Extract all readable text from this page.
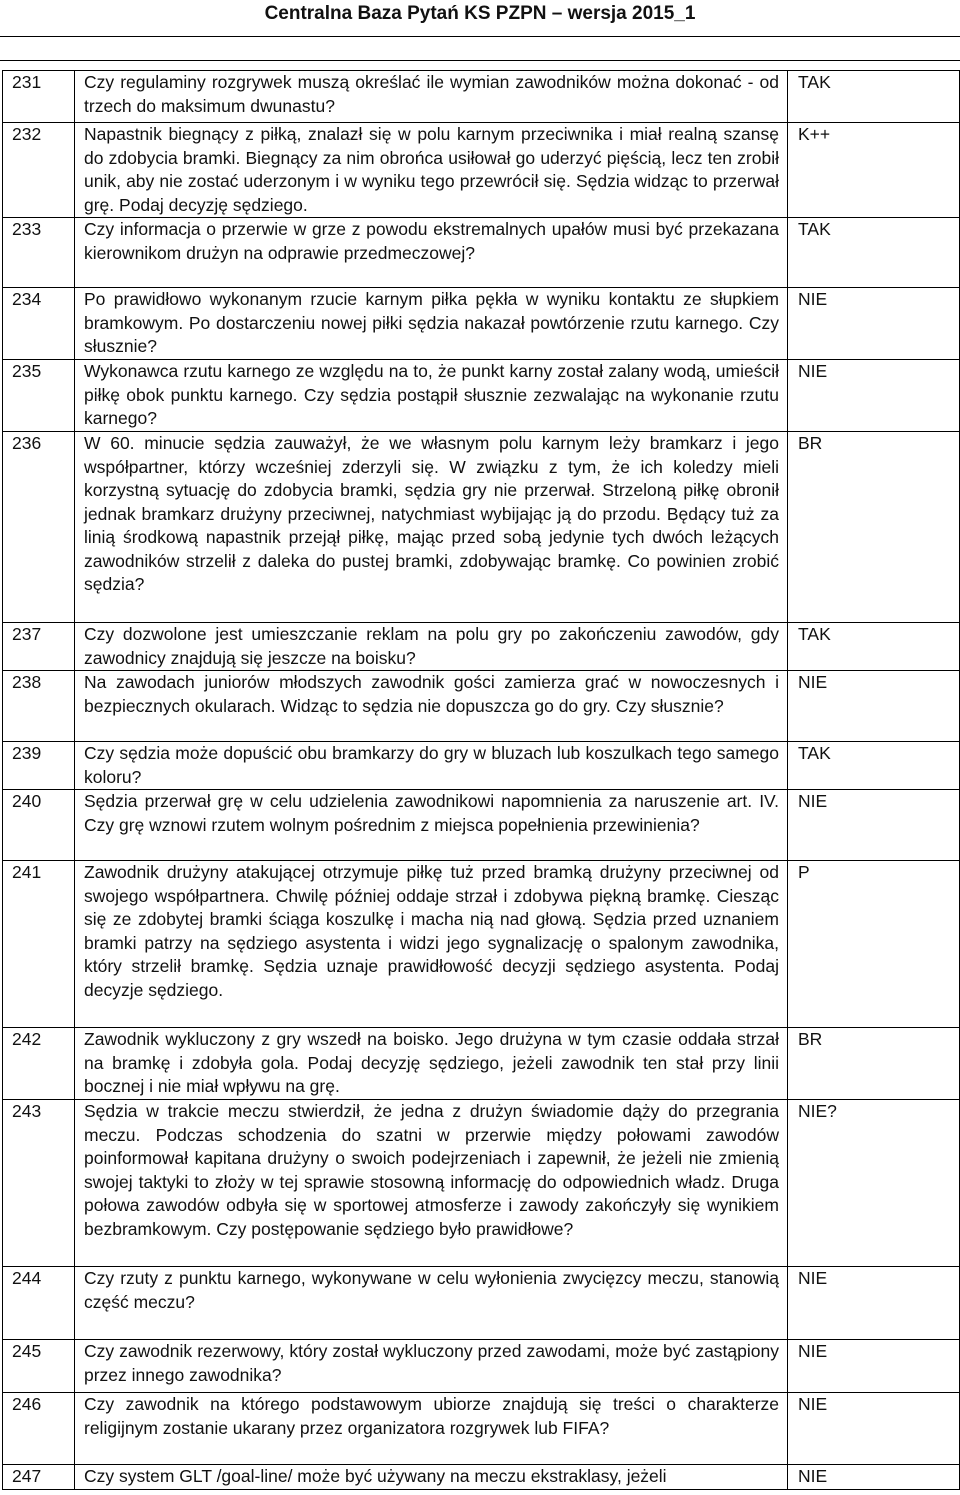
Centralna Baza Pytań KS PZPN – wersja 2015_1
231	Czy regulaminy rozgrywek muszą określać ile wymian zawodników można dokonać - od trzech do maksimum dwunastu?	TAK
232	Napastnik biegnący z piłką, znalazł się w polu karnym przeciwnika i miał realną szansę do zdobycia bramki. Biegnący za nim obrońca usiłował go uderzyć pięścią, lecz ten zrobił unik, aby nie zostać uderzonym i w wyniku tego przewrócił się. Sędzia widząc to przerwał grę. Podaj decyzję sędziego.	K++
233	Czy informacja o przerwie w grze z powodu ekstremalnych upałów musi być przekazana kierownikom drużyn na odprawie przedmeczowej?	TAK
234	Po prawidłowo wykonanym rzucie karnym piłka pękła w wyniku kontaktu ze słupkiem bramkowym. Po dostarczeniu nowej piłki sędzia nakazał powtórzenie rzutu karnego. Czy słusznie?	NIE
235	Wykonawca rzutu karnego ze względu na to, że punkt karny został zalany wodą, umieścił piłkę obok punktu karnego. Czy sędzia postąpił słusznie zezwalając na wykonanie rzutu karnego?	NIE
236	W 60. minucie sędzia zauważył, że we własnym polu karnym leży bramkarz i jego współpartner, którzy wcześniej zderzyli się. W związku z tym, że ich koledzy mieli korzystną sytuację do zdobycia bramki, sędzia gry nie przerwał. Strzeloną piłkę obronił jednak bramkarz drużyny przeciwnej, natychmiast wybijając ją do przodu. Będący tuż za linią środkową napastnik przejął piłkę, mając przed sobą jedynie tych dwóch leżących zawodników strzelił z daleka do pustej bramki, zdobywając bramkę. Co powinien zrobić sędzia?	BR
237	Czy dozwolone jest umieszczanie reklam na polu gry po zakończeniu zawodów, gdy zawodnicy znajdują się jeszcze na boisku?	TAK
238	Na zawodach juniorów młodszych zawodnik gości zamierza grać w nowoczesnych i bezpiecznych okularach. Widząc to sędzia nie dopuszcza go do gry. Czy słusznie?	NIE
239	Czy sędzia może dopuścić obu bramkarzy do gry w bluzach lub koszulkach tego samego koloru?	TAK
240	Sędzia przerwał grę w celu udzielenia zawodnikowi napomnienia za naruszenie art. IV. Czy grę wznowi rzutem wolnym pośrednim z miejsca popełnienia przewinienia?	NIE
241	Zawodnik drużyny atakującej otrzymuje piłkę tuż przed bramką drużyny przeciwnej od swojego współpartnera. Chwilę później oddaje strzał i zdobywa piękną bramkę. Ciesząc się ze zdobytej bramki ściąga koszulkę i macha nią nad głową. Sędzia przed uznaniem bramki patrzy na sędziego asystenta i widzi jego sygnalizację o spalonym zawodnika, który strzelił bramkę. Sędzia uznaje prawidłowość decyzji sędziego asystenta. Podaj decyzje sędziego.	P
242	Zawodnik wykluczony z gry wszedł na boisko. Jego drużyna w tym czasie oddała strzał na bramkę i zdobyła gola. Podaj decyzję sędziego, jeżeli zawodnik ten stał przy linii bocznej i nie miał wpływu na grę.	BR
243	Sędzia w trakcie meczu stwierdził, że jedna z drużyn świadomie dąży do przegrania meczu. Podczas schodzenia do szatni w przerwie między połowami zawodów poinformował kapitana drużyny o swoich podejrzeniach i zapewnił, że jeżeli nie zmienią swojej taktyki to złoży w tej sprawie stosowną informację do odpowiednich władz. Druga połowa zawodów odbyła się w sportowej atmosferze i zawody zakończyły się wynikiem bezbramkowym. Czy postępowanie sędziego było prawidłowe?	NIE?
244	Czy rzuty z punktu karnego, wykonywane w celu wyłonienia zwycięzcy meczu, stanowią część meczu?	NIE
245	Czy zawodnik rezerwowy, który został wykluczony przed zawodami, może być zastąpiony przez innego zawodnika?	NIE
246	Czy zawodnik na którego podstawowym ubiorze znajdują się treści o charakterze religijnym zostanie ukarany przez organizatora rozgrywek lub FIFA?	NIE
247	Czy system GLT /goal-line/ może być używany na meczu ekstraklasy, jeżeli	NIE
